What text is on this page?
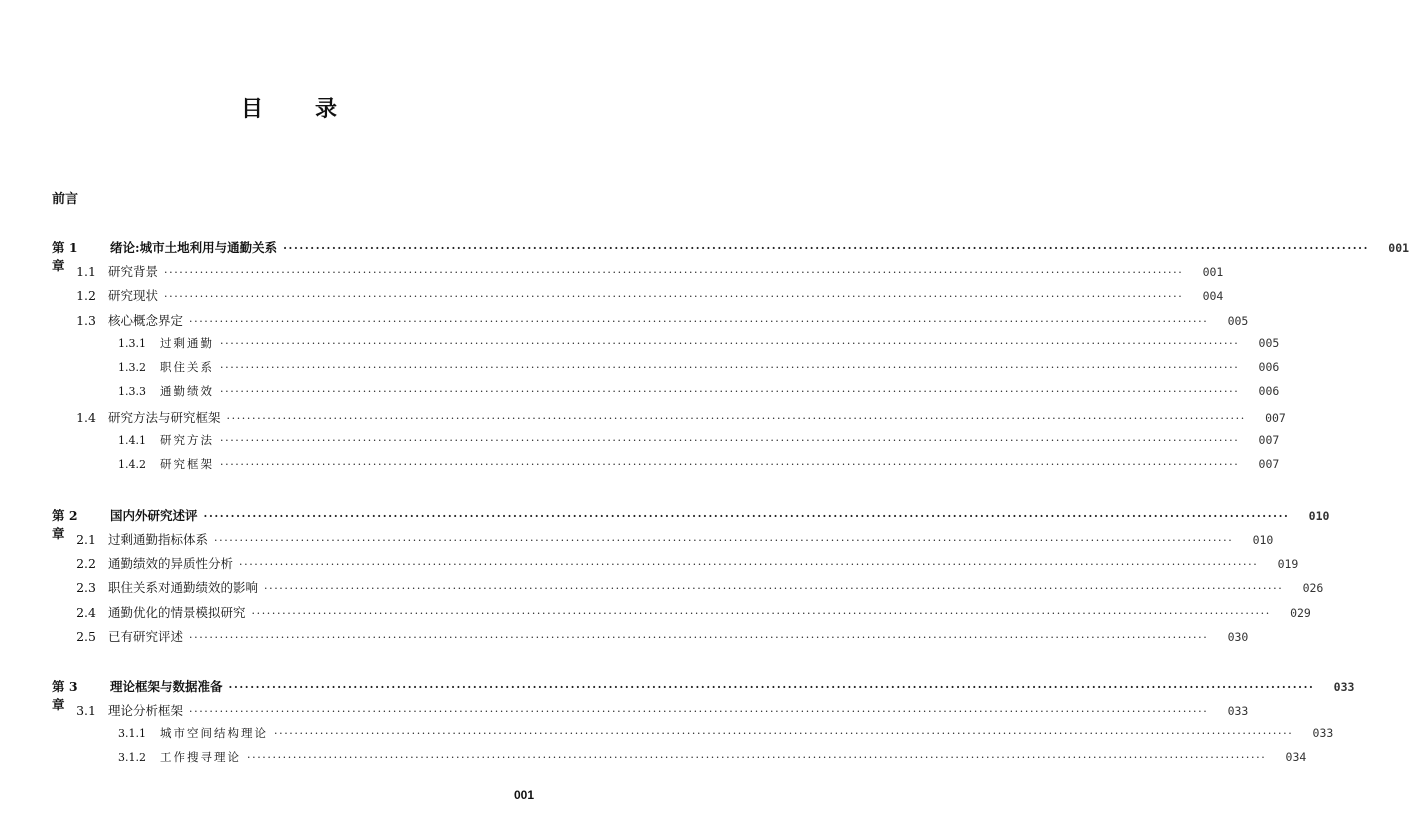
目 录
前言
第 1 章
绪论:城市土地利用与通勤关系 ········································································································································································································	001
1.1 研究背景 ········································································································································································································	001
1.2 研究现状 ········································································································································································································	004
1.3 核心概念界定 ········································································································································································································	005
1.3.1 过剩通勤 ········································································································································································································	005
1.3.2 职住关系 ········································································································································································································	006
1.3.3 通勤绩效 ········································································································································································································	006
1.4 研究方法与研究框架 ········································································································································································································	007
1.4.1 研究方法 ········································································································································································································	007
1.4.2 研究框架 ········································································································································································································	007
第 2 章
国内外研究述评 ········································································································································································································	010
2.1 过剩通勤指标体系 ········································································································································································································	010
2.2 通勤绩效的异质性分析 ········································································································································································································	019
2.3 职住关系对通勤绩效的影响 ········································································································································································································	026
2.4 通勤优化的情景模拟研究 ········································································································································································································	029
2.5 已有研究评述 ········································································································································································································	030
第 3 章
理论框架与数据准备 ········································································································································································································	033
3.1 理论分析框架 ········································································································································································································	033
3.1.1 城市空间结构理论 ········································································································································································································	033
3.1.2 工作搜寻理论 ········································································································································································································	034
001
